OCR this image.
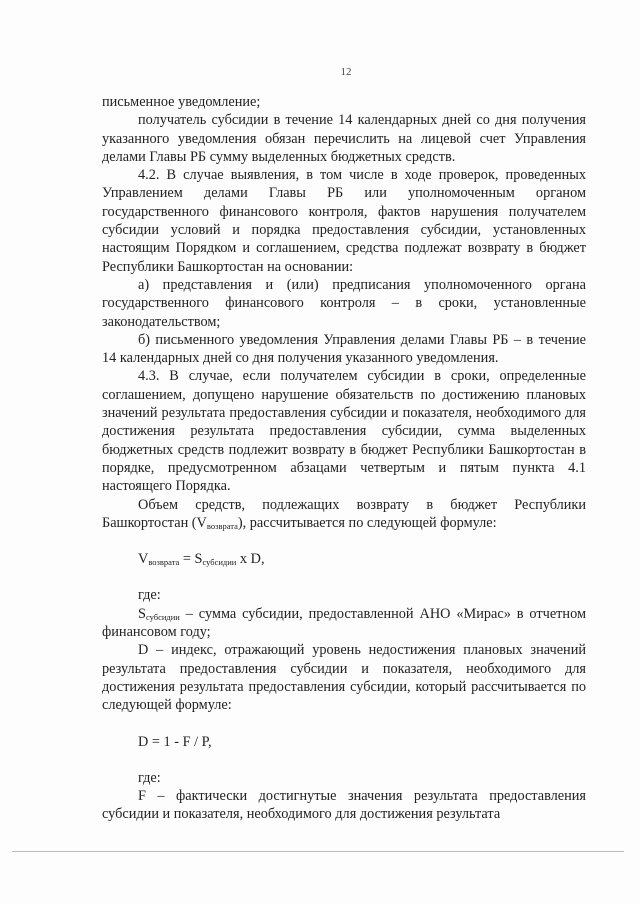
12

письменное уведомление;

получатель субсидии в течение 14 календарных дней со дня получения указанного уведомления обязан перечислить на лицевой счет Управления делами Главы РБ сумму выделенных бюджетных средств.

4.2. В случае выявления, в том числе в ходе проверок, проведенных Управлением делами Главы РБ или уполномоченным органом государственного финансового контроля, фактов нарушения получателем субсидии условий и порядка предоставления субсидии, установленных настоящим Порядком и соглашением, средства подлежат возврату в бюджет Республики Башкортостан на основании:

а) представления и (или) предписания уполномоченного органа государственного финансового контроля – в сроки, установленные законодательством;

б) письменного уведомления Управления делами Главы РБ – в течение 14 календарных дней со дня получения указанного уведомления.

4.3. В случае, если получателем субсидии в сроки, определенные соглашением, допущено нарушение обязательств по достижению плановых значений результата предоставления субсидии и показателя, необходимого для достижения результата предоставления субсидии, сумма выделенных бюджетных средств подлежит возврату в бюджет Республики Башкортостан в порядке, предусмотренном абзацами четвертым и пятым пункта 4.1 настоящего Порядка.

Объем средств, подлежащих возврату в бюджет Республики Башкортостан $(V_{возврата})$, рассчитывается по следующей формуле:

$V_{возврата} = S_{субсидии}$ x D,

где:

$S_{субсидии}$ – сумма субсидии, предоставленной АНО «Мирас» в отчетном финансовом году;

D – индекс, отражающий уровень недостижения плановых значений результата предоставления субсидии и показателя, необходимого для достижения результата предоставления субсидии, который рассчитывается по следующей формуле:

D = 1 - F / P,

где:

F – фактически достигнутые значения результата предоставления субсидии и показателя, необходимого для достижения результата
